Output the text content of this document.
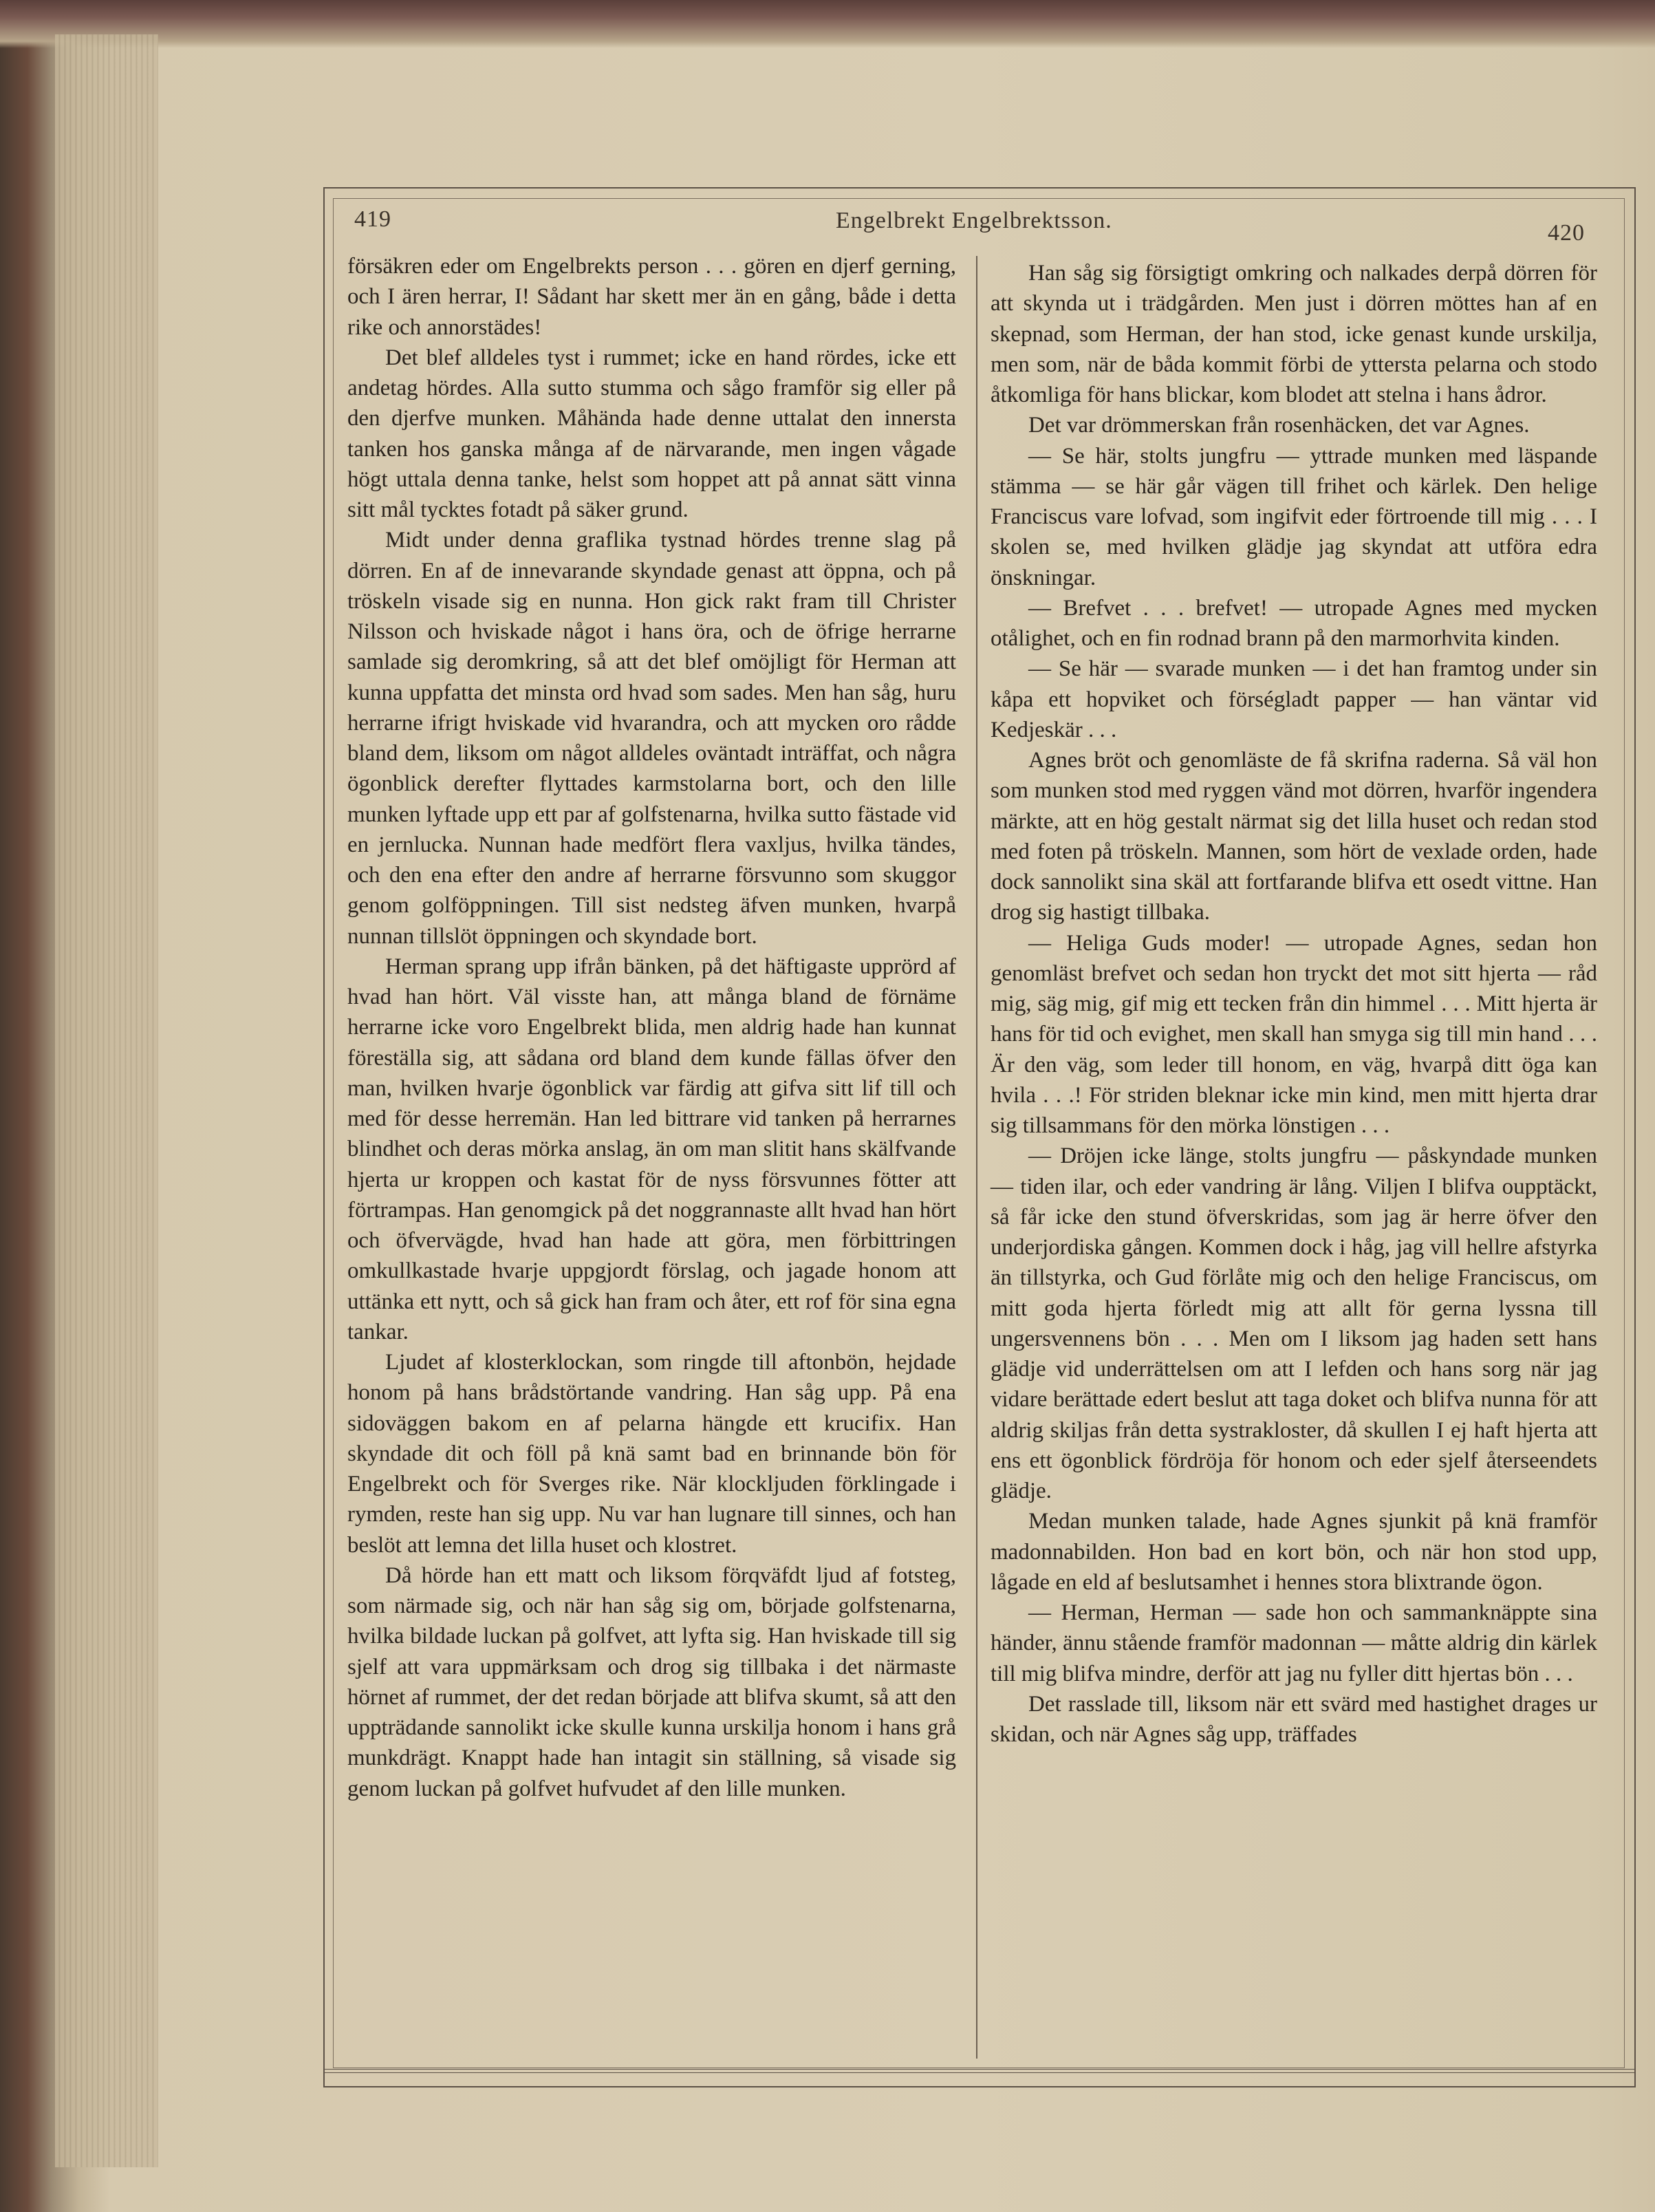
419	Engelbrekt Engelbrektsson.	420

försäkren eder om Engelbrekts person . . . gören en djerf gerning, och I ären herrar, I! Sådant har skett mer än en gång, både i detta rike och annorstädes!

Det blef alldeles tyst i rummet; icke en hand rördes, icke ett andetag hördes. Alla sutto stumma och sågo framför sig eller på den djerfve munken. Måhända hade denne uttalat den innersta tanken hos ganska många af de närvarande, men ingen vågade högt uttala denna tanke, helst som hoppet att på annat sätt vinna sitt mål tycktes fotadt på säker grund.

Midt under denna graflika tystnad hördes trenne slag på dörren. En af de innevarande skyndade genast att öppna, och på tröskeln visade sig en nunna. Hon gick rakt fram till Christer Nilsson och hviskade något i hans öra, och de öfrige herrarne samlade sig deromkring, så att det blef omöjligt för Herman att kunna uppfatta det minsta ord hvad som sades. Men han såg, huru herrarne ifrigt hviskade vid hvarandra, och att mycken oro rådde bland dem, liksom om något alldeles oväntadt inträffat, och några ögonblick derefter flyttades karmstolarna bort, och den lille munken lyftade upp ett par af golfstenarna, hvilka sutto fästade vid en jernlucka. Nunnan hade medfört flera vaxljus, hvilka tändes, och den ena efter den andre af herrarne försvunno som skuggor genom golföppningen. Till sist nedsteg äfven munken, hvarpå nunnan tillslöt öppningen och skyndade bort.

Herman sprang upp ifrån bänken, på det häftigaste upprörd af hvad han hört. Väl visste han, att många bland de förnäme herrarne icke voro Engelbrekt blida, men aldrig hade han kunnat föreställa sig, att sådana ord bland dem kunde fällas öfver den man, hvilken hvarje ögonblick var färdig att gifva sitt lif till och med för desse herremän. Han led bittrare vid tanken på herrarnes blindhet och deras mörka anslag, än om man slitit hans skälfvande hjerta ur kroppen och kastat för de nyss försvunnes fötter att förtrampas. Han genomgick på det noggrannaste allt hvad han hört och öfvervägde, hvad han hade att göra, men förbittringen omkullkastade hvarje uppgjordt förslag, och jagade honom att uttänka ett nytt, och så gick han fram och åter, ett rof för sina egna tankar.

Ljudet af klosterklockan, som ringde till aftonbön, hejdade honom på hans brådstörtande vandring. Han såg upp. På ena sidoväggen bakom en af pelarna hängde ett krucifix. Han skyndade dit och föll på knä samt bad en brinnande bön för Engelbrekt och för Sverges rike. När klockljuden förklingade i rymden, reste han sig upp. Nu var han lugnare till sinnes, och han beslöt att lemna det lilla huset och klostret.

Då hörde han ett matt och liksom förqväfdt ljud af fotsteg, som närmade sig, och när han såg sig om, började golfstenarna, hvilka bildade luckan på golfvet, att lyfta sig. Han hviskade till sig sjelf att vara uppmärksam och drog sig tillbaka i det närmaste hörnet af rummet, der det redan började att blifva skumt, så att den uppträdande sannolikt icke skulle kunna urskilja honom i hans grå munkdrägt. Knappt hade han intagit sin ställning, så visade sig genom luckan på golfvet hufvudet af den lille munken.

Han såg sig försigtigt omkring och nalkades derpå dörren för att skynda ut i trädgården. Men just i dörren möttes han af en skepnad, som Herman, der han stod, icke genast kunde urskilja, men som, när de båda kommit förbi de yttersta pelarna och stodo åtkomliga för hans blickar, kom blodet att stelna i hans ådror.

Det var drömmerskan från rosenhäcken, det var Agnes.

— Se här, stolts jungfru — yttrade munken med läspande stämma — se här går vägen till frihet och kärlek. Den helige Franciscus vare lofvad, som ingifvit eder förtroende till mig . . . I skolen se, med hvilken glädje jag skyndat att utföra edra önskningar.

— Brefvet . . . brefvet! — utropade Agnes med mycken otålighet, och en fin rodnad brann på den marmorhvita kinden.

— Se här — svarade munken — i det han framtog under sin kåpa ett hopviket och förségladt papper — han väntar vid Kedjeskär . . .

Agnes bröt och genomläste de få skrifna raderna. Så väl hon som munken stod med ryggen vänd mot dörren, hvarför ingendera märkte, att en hög gestalt närmat sig det lilla huset och redan stod med foten på tröskeln. Mannen, som hört de vexlade orden, hade dock sannolikt sina skäl att fortfarande blifva ett osedt vittne. Han drog sig hastigt tillbaka.

— Heliga Guds moder! — utropade Agnes, sedan hon genomläst brefvet och sedan hon tryckt det mot sitt hjerta — råd mig, säg mig, gif mig ett tecken från din himmel . . . Mitt hjerta är hans för tid och evighet, men skall han smyga sig till min hand . . . Är den väg, som leder till honom, en väg, hvarpå ditt öga kan hvila . . .! För striden bleknar icke min kind, men mitt hjerta drar sig tillsammans för den mörka lönstigen . . .

— Dröjen icke länge, stolts jungfru — påskyndade munken — tiden ilar, och eder vandring är lång. Viljen I blifva oupptäckt, så får icke den stund öfverskridas, som jag är herre öfver den underjordiska gången. Kommen dock i håg, jag vill hellre afstyrka än tillstyrka, och Gud förlåte mig och den helige Franciscus, om mitt goda hjerta förledt mig att allt för gerna lyssna till ungersvennens bön . . . Men om I liksom jag haden sett hans glädje vid underrättelsen om att I lefden och hans sorg när jag vidare berättade edert beslut att taga doket och blifva nunna för att aldrig skiljas från detta systrakloster, då skullen I ej haft hjerta att ens ett ögonblick fördröja för honom och eder sjelf återseendets glädje.

Medan munken talade, hade Agnes sjunkit på knä framför madonnabilden. Hon bad en kort bön, och när hon stod upp, lågade en eld af beslutsamhet i hennes stora blixtrande ögon.

— Herman, Herman — sade hon och sammanknäppte sina händer, ännu stående framför madonnan — måtte aldrig din kärlek till mig blifva mindre, derför att jag nu fyller ditt hjertas bön . . .

Det rasslade till, liksom när ett svärd med hastighet drages ur skidan, och när Agnes såg upp, träffades
